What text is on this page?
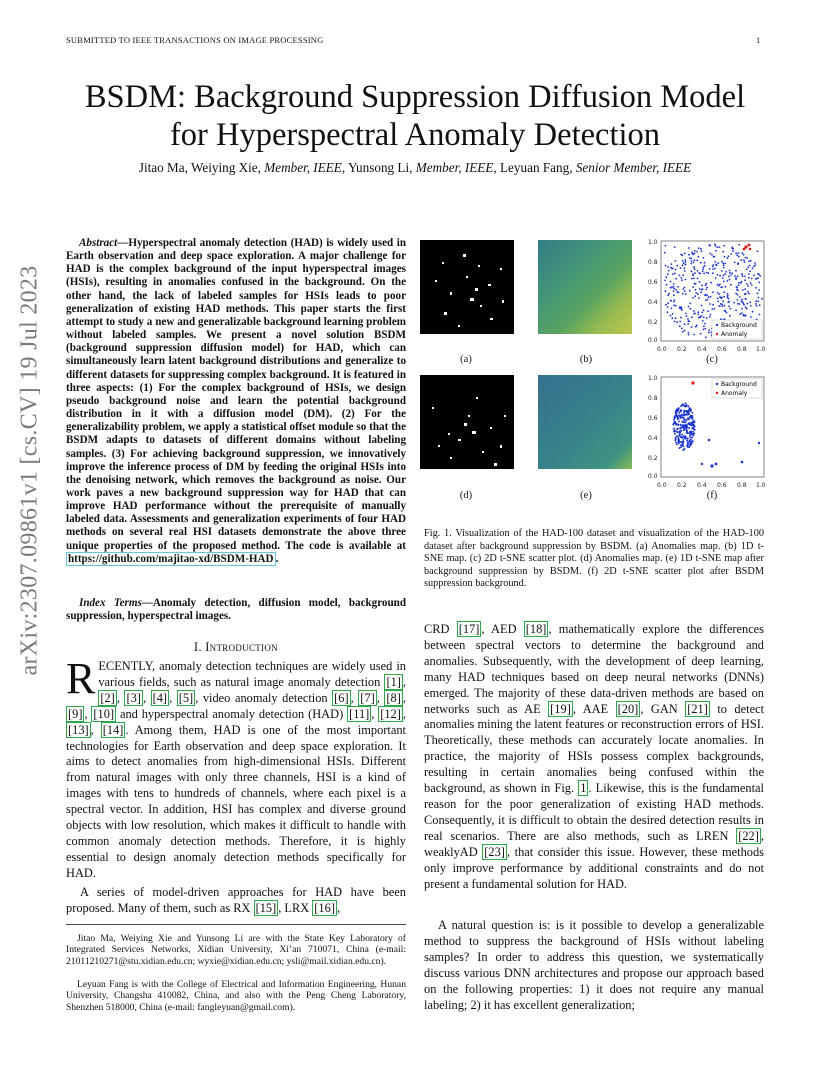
SUBMITTED TO IEEE TRANSACTIONS ON IMAGE PROCESSING	1
arXiv:2307.09861v1 [cs.CV] 19 Jul 2023
BSDM: Background Suppression Diffusion Model
for Hyperspectral Anomaly Detection
Jitao Ma, Weiying Xie, Member, IEEE, Yunsong Li, Member, IEEE, Leyuan Fang, Senior Member, IEEE
Abstract—Hyperspectral anomaly detection (HAD) is widely used in Earth observation and deep space exploration. A major challenge for HAD is the complex background of the input hyperspectral images (HSIs), resulting in anomalies confused in the background. On the other hand, the lack of labeled samples for HSIs leads to poor generalization of existing HAD methods. This paper starts the first attempt to study a new and generalizable background learning problem without labeled samples. We present a novel solution BSDM (background suppression diffusion model) for HAD, which can simultaneously learn latent background distributions and generalize to different datasets for suppressing complex background. It is featured in three aspects: (1) For the complex background of HSIs, we design pseudo background noise and learn the potential background distribution in it with a diffusion model (DM). (2) For the generalizability problem, we apply a statistical offset module so that the BSDM adapts to datasets of different domains without labeling samples. (3) For achieving background suppression, we innovatively improve the inference process of DM by feeding the original HSIs into the denoising network, which removes the background as noise. Our work paves a new background suppression way for HAD that can improve HAD performance without the prerequisite of manually labeled data. Assessments and generalization experiments of four HAD methods on several real HSI datasets demonstrate the above three unique properties of the proposed method. The code is available at https://github.com/majitao-xd/BSDM-HAD .
Index Terms—Anomaly detection, diffusion model, background suppression, hyperspectral images.
I. Introduction
RECENTLY, anomaly detection techniques are widely used in various fields, such as natural image anomaly detection [1] , [2] , [3] , [4] , [5] , video anomaly detection [6] , [7] , [8] , [9] , [10] and hyperspectral anomaly detection (HAD) [11] , [12] , [13] , [14] . Among them, HAD is one of the most important technologies for Earth observation and deep space exploration. It aims to detect anomalies from high-dimensional HSIs. Different from natural images with only three channels, HSI is a kind of images with tens to hundreds of channels, where each pixel is a spectral vector. In addition, HSI has complex and diverse ground objects with low resolution, which makes it difficult to handle with common anomaly detection methods. Therefore, it is highly essential to design anomaly detection methods specifically for HAD.
A series of model-driven approaches for HAD have been proposed. Many of them, such as RX [15] , LRX [16] ,
Jitao Ma, Weiying Xie and Yunsong Li are with the State Key Laboratory of Integrated Services Networks, Xidian University, Xi’an 710071, China (e-mail: 21011210271@stu.xidian.edu.cn; wyxie@xidian.edu.cn; ysli@mail.xidian.edu.cn).
Leyuan Fang is with the College of Electrical and Information Engineering, Hunan University, Changsha 410082, China, and also with the Peng Cheng Laboratory, Shenzhen 518000, China (e-mail: fangleyuan@gmail.com).
(a)	(b)
1.0
0.8
0.6
0.4
0.2
0.0
0.0 0.2 0.4 0.6 0.8 1.0
Background
Anomaly
(c)
(d)	(e)
1.0
0.8
0.6
0.4
0.2
0.0
0.0 0.2 0.4 0.6 0.8 1.0
Background
Anomaly
(f)
Fig. 1. Visualization of the HAD-100 dataset and visualization of the HAD-100 dataset after background suppression by BSDM. (a) Anomalies map. (b) 1D t-SNE map. (c) 2D t-SNE scatter plot. (d) Anomalies map. (e) 1D t-SNE map after background suppression by BSDM. (f) 2D t-SNE scatter plot after BSDM suppression background.
CRD [17] , AED [18] , mathematically explore the differences between spectral vectors to determine the background and anomalies. Subsequently, with the development of deep learning, many HAD techniques based on deep neural networks (DNNs) emerged. The majority of these data-driven methods are based on networks such as AE [19] , AAE [20] , GAN [21] to detect anomalies mining the latent features or reconstruction errors of HSI. Theoretically, these methods can accurately locate anomalies. In practice, the majority of HSIs possess complex backgrounds, resulting in certain anomalies being confused within the background, as shown in Fig. 1 . Likewise, this is the fundamental reason for the poor generalization of existing HAD methods. Consequently, it is difficult to obtain the desired detection results in real scenarios. There are also methods, such as LREN [22] , weaklyAD [23] , that consider this issue. However, these methods only improve performance by additional constraints and do not present a fundamental solution for HAD.
A natural question is: is it possible to develop a generalizable method to suppress the background of HSIs without labeling samples? In order to address this question, we systematically discuss various DNN architectures and propose our approach based on the following properties: 1) it does not require any manual labeling; 2) it has excellent generalization;
